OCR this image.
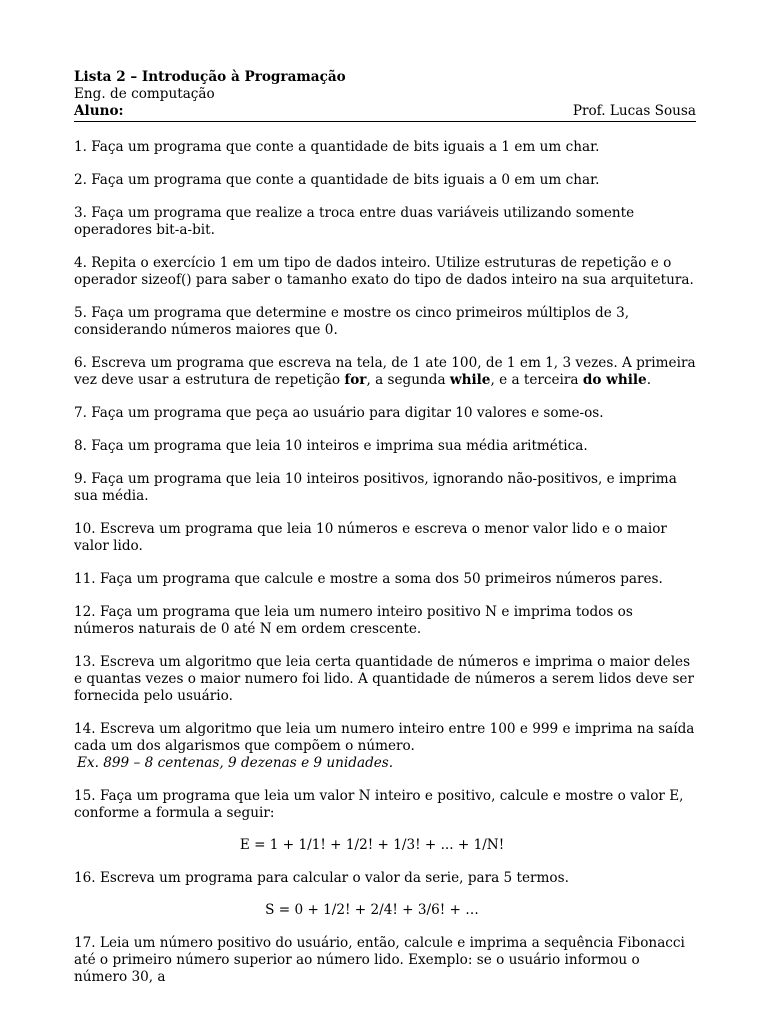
Lista 2 – Introdução à Programação
Eng. de computação
Aluno:	Prof. Lucas Sousa
1. Faça um programa que conte a quantidade de bits iguais a 1 em um char.
2. Faça um programa que conte a quantidade de bits iguais a 0 em um char.
3. Faça um programa que realize a troca entre duas variáveis utilizando somente operadores bit-a-bit.
4. Repita o exercício 1 em um tipo de dados inteiro. Utilize estruturas de repetição e o operador sizeof() para saber o tamanho exato do tipo de dados inteiro na sua arquitetura.
5. Faça um programa que determine e mostre os cinco primeiros múltiplos de 3, considerando números maiores que 0.
6. Escreva um programa que escreva na tela, de 1 ate 100, de 1 em 1, 3 vezes. A primeira vez deve usar a estrutura de repetição for, a segunda while, e a terceira do while.
7. Faça um programa que peça ao usuário para digitar 10 valores e some-os.
8. Faça um programa que leia 10 inteiros e imprima sua média aritmética.
9. Faça um programa que leia 10 inteiros positivos, ignorando não-positivos, e imprima sua média.
10. Escreva um programa que leia 10 números e escreva o menor valor lido e o maior valor lido.
11. Faça um programa que calcule e mostre a soma dos 50 primeiros números pares.
12. Faça um programa que leia um numero inteiro positivo N e imprima todos os números naturais de 0 até N em ordem crescente.
13. Escreva um algoritmo que leia certa quantidade de números e imprima o maior deles e quantas vezes o maior numero foi lido. A quantidade de números a serem lidos deve ser fornecida pelo usuário.
14. Escreva um algoritmo que leia um numero inteiro entre 100 e 999 e imprima na saída cada um dos algarismos que compõem o número.
Ex. 899 – 8 centenas, 9 dezenas e 9 unidades.
15. Faça um programa que leia um valor N inteiro e positivo, calcule e mostre o valor E, conforme a formula a seguir:
E = 1 + 1/1! + 1/2! + 1/3! + ... + 1/N!
16. Escreva um programa para calcular o valor da serie, para 5 termos.
S = 0 + 1/2! + 2/4! + 3/6! + …
17. Leia um número positivo do usuário, então, calcule e imprima a sequência Fibonacci até o primeiro número superior ao número lido. Exemplo: se o usuário informou o número 30, a
